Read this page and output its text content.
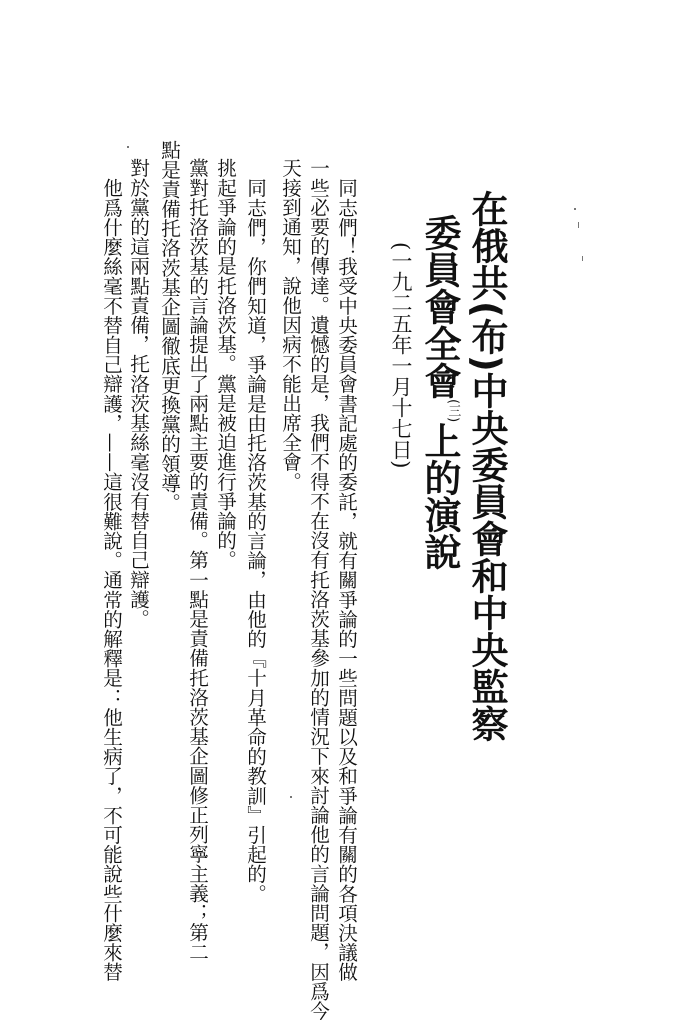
在俄共(布)中央委員會和中央監察
委員會全會$^{(三)}$上的演說
(一九二五年一月十七日)
同志們！我受中央委員會書記處的委託，就有關爭論的一些問題以及和爭論有關的各項決議做
一些必要的傳達。遺憾的是，我們不得不在沒有托洛茨基參加的情況下來討論他的言論問題，因爲今
天接到通知，說他因病不能出席全會。
同志們，你們知道，爭論是由托洛茨基的言論，由他的『十月革命的教訓』引起的。
挑起爭論的是托洛茨基。黨是被迫進行爭論的。
黨對托洛茨基的言論提出了兩點主要的責備。第一點是責備托洛茨基企圖修正列寧主義；第二
點是責備托洛茨基企圖徹底更換黨的領導。
對於黨的這兩點責備，托洛茨基絲毫沒有替自己辯護。
他爲什麼絲毫不替自己辯護，——這很難說。通常的解釋是：他生病了，不可能說些什麼來替
